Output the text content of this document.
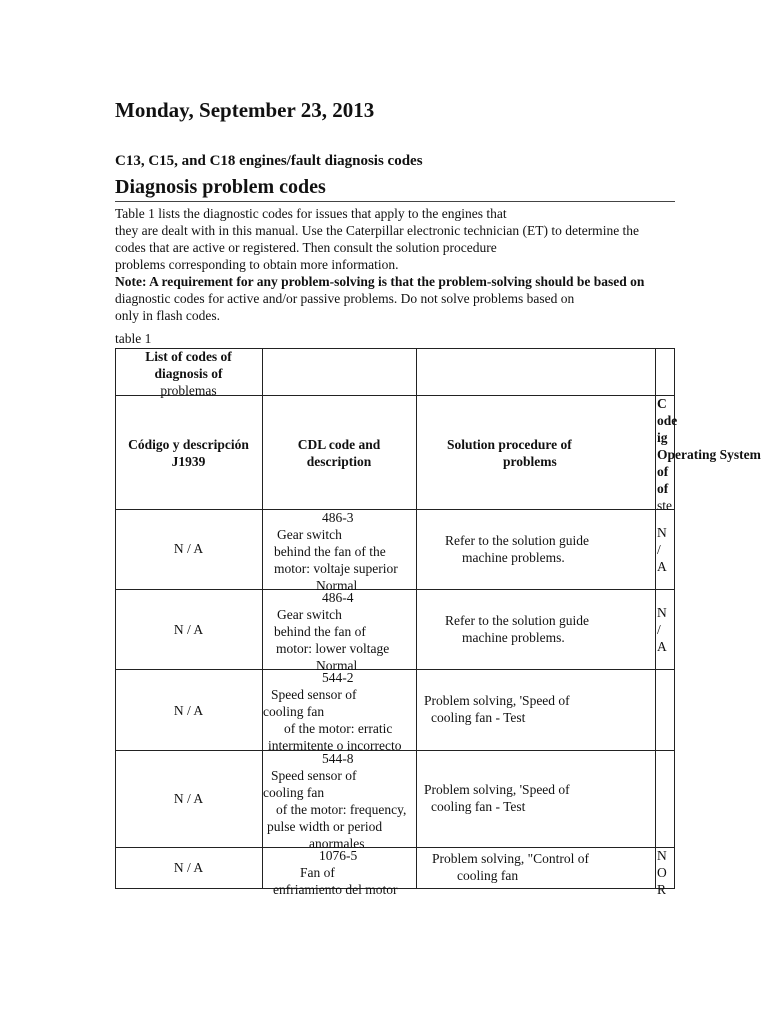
Monday, September 23, 2013
C13, C15, and C18 engines/fault diagnosis codes
Diagnosis problem codes
Table 1 lists the diagnostic codes for issues that apply to the engines that
they are dealt with in this manual. Use the Caterpillar electronic technician (ET) to determine the
codes that are active or registered. Then consult the solution procedure
problems corresponding to obtain more information.
Note: A requirement for any problem-solving is that the problem-solving should be based on
diagnostic codes for active and/or passive problems. Do not solve problems based on
only in flash codes.
table 1
List of codes of
diagnosis of
problemas
Código y descripción
J1939
CDL code and
description
Solution procedure of
problems
C
ode
ig
Operating System
of
of
ste
N / A
486-3
Gear switch
behind the fan of the
motor: voltaje superior
Normal
Refer to the solution guide
machine problems.
N
/
A
N / A
486-4
Gear switch
behind the fan of
motor: lower voltage
Normal
Refer to the solution guide
machine problems.
N
/
A
N / A
544-2
Speed sensor of
cooling fan
of the motor: erratic
intermitente o incorrecto
Problem solving, 'Speed of
cooling fan - Test
N / A
544-8
Speed sensor of
cooling fan
of the motor: frequency,
pulse width or period
anormales
Problem solving, 'Speed of
cooling fan - Test
N / A
1076-5
Fan of
enfriamiento del motor
Problem solving, "Control of
cooling fan
N
O
R
